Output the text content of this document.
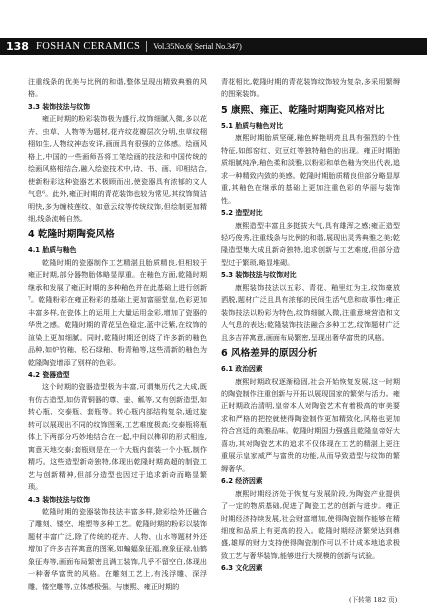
138 FOSHAN CERAMICS	Vol.35No.6( Serial No.347)

注重线条的优美与比例的和谐,整体呈现出精致典雅的风格。

3.3 装饰技法与纹饰

雍正时期的粉彩装饰极为盛行,纹饰细腻入微,多以花卉、虫草、人物等为题材,花卉纹花瓣层次分明,虫草纹栩栩如生,人物纹神态安详,画面具有很强的立体感。绘画风格上,中国的一些画师吾将工笔绘画的技法和中国传统的绘画风格相结合,融入绘瓷技术中,诗、书、画、印相结合,使新粉彩这种瓷器艺术极顾而出,使瓷器具有浓郁的文人气息⁶。此外,雍正时期的青花装饰也较为常见,其纹饰简洁明快,多为缠枝莲纹、如意云纹等传统纹饰,但绘制更加精细,线条流畅自然。

4 乾隆时期陶瓷风格
4.1 胎质与釉色

乾隆时期的瓷器制作工艺精湛且胎质精良,但相较于雍正时期,部分器物胎体略显厚重。在釉色方面,乾隆时期继承和发展了雍正时期的多种釉色并在此基础上进行创新⁷。乾隆粉彩在雍正粉彩的基础上更加富丽堂皇,色彩更加丰富多样,在瓷体上的运用上大量运用金彩,增加了瓷器的华贵之感。乾隆时期的青花呈色稳定,蓝中泛紫,在纹饰的渲染上更加细腻。同时,乾隆时期还创烧了许多新的釉色品种,如炉钧釉、松石绿釉、粉青釉等,这些清新的釉色为乾隆陶瓷增添了别样的色彩。

4.2 瓷器造型

这个时期的瓷器造型极为丰富,可谓集历代之大成,既有仿古造型,如仿青铜器的尊、壶、觚等,又有创新造型,如转心瓶、交泰瓶、套瓶等。转心瓶内部结构复杂,通过旋转可以展现出不同的纹饰图案,工艺难度极高;交泰瓶将瓶体上下两部分巧妙地结合在一起,中间以榫卯的形式相连,寓意天地交泰;套瓶则是在一个大瓶内套装一个小瓶,制作精巧。这些造型新奇独特,体现出乾隆时期高超的制瓷工艺与创新精神,但部分造型也因过于追求新奇而略显繁琐。

4.3 装饰技法与纹饰

乾隆时期的瓷器装饰技法丰富多样,除彩绘外还融合了雕刻、镂空、堆塑等多种工艺。乾隆时期的粉彩以装饰题材丰富广泛,除了传统的花卉、人物、山水等题材外还增加了许多吉祥寓意的图案,如蝙蝠象征福,鹿象征禄,仙鹤象征寿等,画面布局繁密且满工装饰,几乎不留空白,体现出一种奢华富贵的风格。在雕刻工艺上,有浅浮雕、深浮雕、镂空雕等,立体感极强。与康熙、雍正时期的

青花相比,乾隆时期的青花装饰纹饰较为复杂,多采用繁缛的图案装饰。

5 康熙、雍正、乾隆时期陶瓷风格对比
5.1 胎质与釉色对比

康熙时期胎质坚硬,釉色鲜艳明亮且具有强烈的个性特征,如郎窑红、豇豆红等独特釉色的出现。雍正时期胎质细腻纯净,釉色柔和淡雅,以粉彩和单色釉为突出代表,追求一种精致内敛的美感。乾隆时期胎质精良但部分略显厚重,其釉色在继承的基础上更加注重色彩的华丽与装饰性。

5.2 造型对比

康熙造型丰富且多挺拔大气,具有雄浑之感;雍正造型轻巧俊秀,注重线条与比例的和谐,展现出灵秀典雅之美;乾隆造型集大成且新奇独特,追求创新与工艺难度,但部分造型过于繁琐,略显堆砌。

5.3 装饰技法与纹饰对比

康熙装饰技法以五彩、青花、釉里红为主,纹饰豪放洒脱,题材广泛且具有浓郁的民间生活气息和故事性;雍正装饰技法以粉彩为特色,纹饰细腻入微,注重意境营造和文人气息的表达;乾隆装饰技法融合多种工艺,纹饰题材广泛且多吉祥寓意,画面布局繁密,呈现出奢华富贵的风格。

6 风格差异的原因分析
6.1 政治因素

康熙时期政权逐渐稳固,社会开始恢复发展,这一时期的陶瓷制作注重创新与开拓以展现国家的繁荣与活力。雍正时期政治清明,皇帝本人对陶瓷艺术有着极高的审美要求和严格的把控就使得陶瓷制作更加精致化,风格也更加符合宫廷的高雅品味。乾隆时期国力强盛且乾隆皇帝好大喜功,其对陶瓷艺术的追求不仅体现在工艺的精湛上更注重展示皇家威严与富贵的功能,从而导致造型与纹饰的繁缛奢华。

6.2 经济因素

康熙时期经济处于恢复与发展阶段,为陶瓷产业提供了一定的物质基础,促进了陶瓷工艺的创新与进步。雍正时期经济持续发展,社会财富增加,使得陶瓷制作能够在精细度和品质上有更高的投入。乾隆时期经济繁荣达到鼎盛,雄厚的财力支持使得陶瓷制作可以不计成本地追求极致工艺与奢华装饰,能够进行大规模的创新与试验。

6.3 文化因素
(下转第 182 页)
